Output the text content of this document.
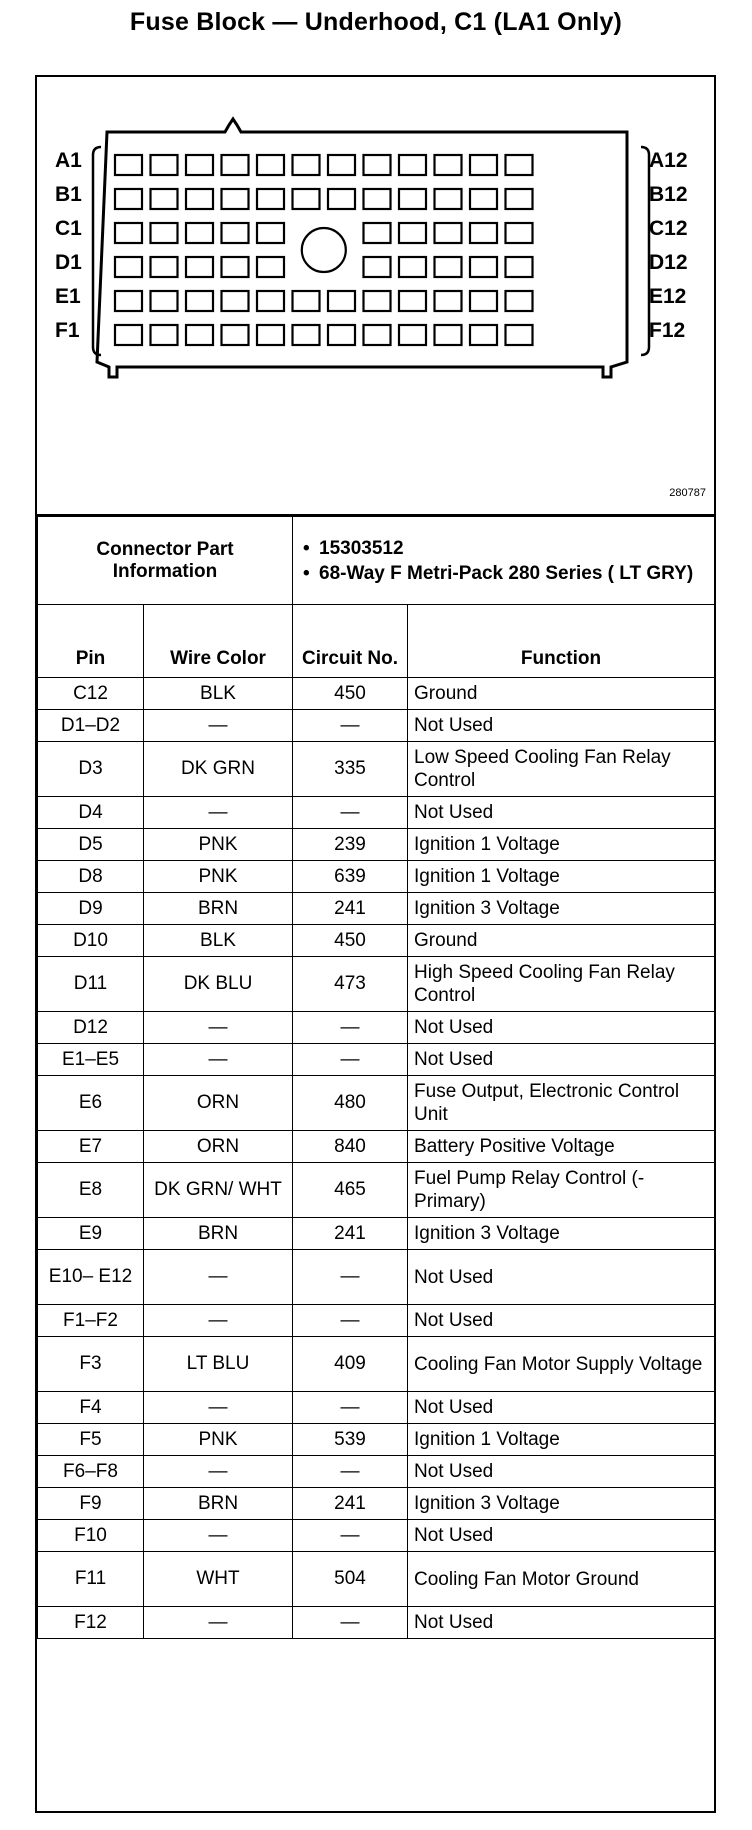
Fuse Block — Underhood, C1 (LA1 Only)
A1
B1
C1
D1
E1
F1
A12
B12
C12
D12
E12
F12
280787
Connector Part Information		• 15303512
• 68-Way F Metri-Pack 280 Series ( LT GRY)

Pin	Wire Color	Circuit No.	Function
C12	BLK	450	Ground
D1–D2	—	—	Not Used
D3	DK GRN	335	Low Speed Cooling Fan Relay Control
D4	—	—	Not Used
D5	PNK	239	Ignition 1 Voltage
D8	PNK	639	Ignition 1 Voltage
D9	BRN	241	Ignition 3 Voltage
D10	BLK	450	Ground
D11	DK BLU	473	High Speed Cooling Fan Relay Control
D12	—	—	Not Used
E1–E5	—	—	Not Used
E6	ORN	480	Fuse Output, Electronic Control Unit
E7	ORN	840	Battery Positive Voltage
E8	DK GRN/ WHT	465	Fuel Pump Relay Control (-Primary)
E9	BRN	241	Ignition 3 Voltage
E10– E12	—	—	Not Used
F1–F2	—	—	Not Used
F3	LT BLU	409	Cooling Fan Motor Supply Voltage
F4	—	—	Not Used
F5	PNK	539	Ignition 1 Voltage
F6–F8	—	—	Not Used
F9	BRN	241	Ignition 3 Voltage
F10	—	—	Not Used
F11	WHT	504	Cooling Fan Motor Ground
F12	—	—	Not Used
